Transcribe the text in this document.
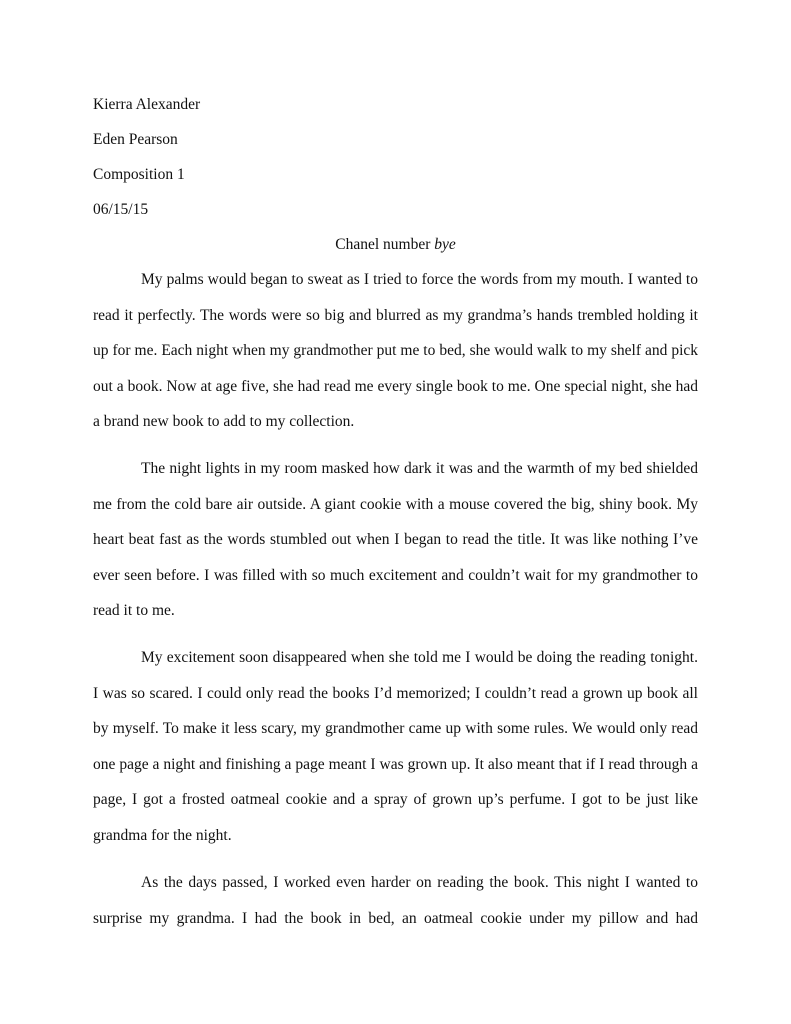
Kierra Alexander
Eden Pearson
Composition 1
06/15/15
Chanel number bye

My palms would began to sweat as I tried to force the words from my mouth. I wanted to
read it perfectly. The words were so big and blurred as my grandma’s hands trembled holding it
up for me. Each night when my grandmother put me to bed, she would walk to my shelf and pick
out a book. Now at age five, she had read me every single book to me. One special night, she had
a brand new book to add to my collection.

The night lights in my room masked how dark it was and the warmth of my bed shielded
me from the cold bare air outside. A giant cookie with a mouse covered the big, shiny book. My
heart beat fast as the words stumbled out when I began to read the title. It was like nothing I’ve
ever seen before. I was filled with so much excitement and couldn’t wait for my grandmother to
read it to me.

My excitement soon disappeared when she told me I would be doing the reading tonight.
I was so scared. I could only read the books I’d memorized; I couldn’t read a grown up book all
by myself. To make it less scary, my grandmother came up with some rules. We would only read
one page a night and finishing a page meant I was grown up. It also meant that if I read through a
page, I got a frosted oatmeal cookie and a spray of grown up’s perfume. I got to be just like
grandma for the night.

As the days passed, I worked even harder on reading the book. This night I wanted to
surprise my grandma. I had the book in bed, an oatmeal cookie under my pillow and had
